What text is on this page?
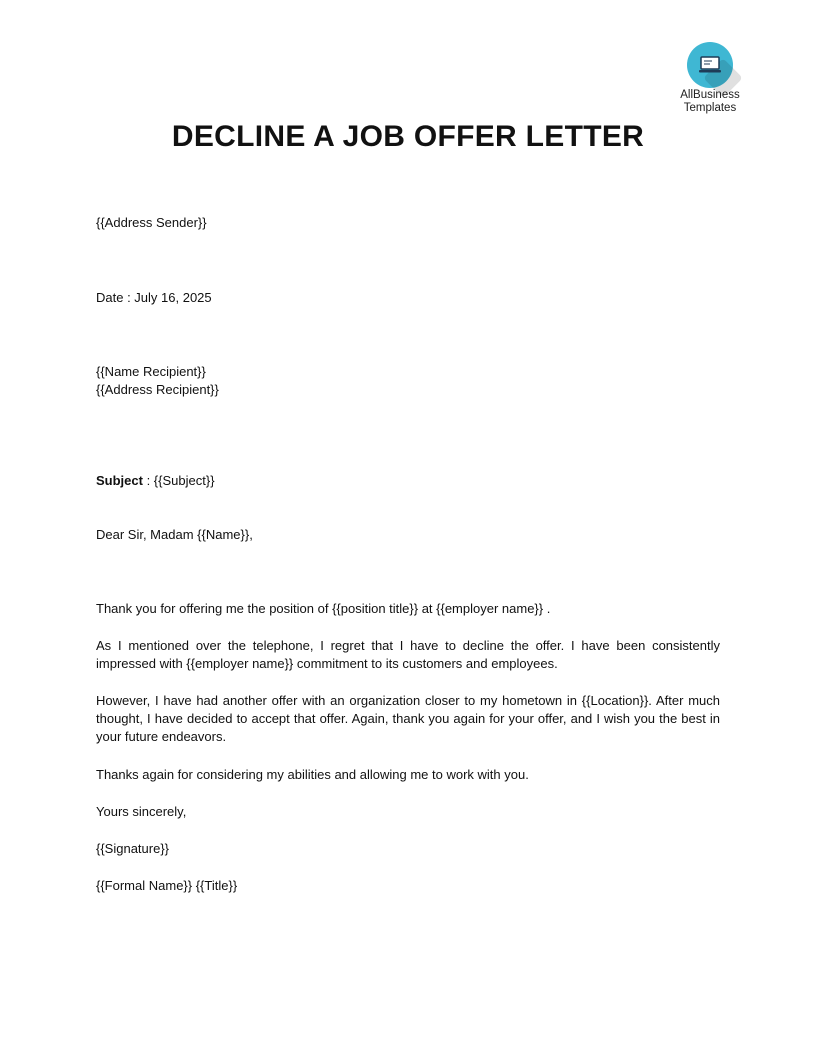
AllBusiness
Templates
DECLINE A JOB OFFER LETTER
{{Address Sender}}
Date : July 16, 2025
{{Name Recipient}}
{{Address Recipient}}
Subject : {{Subject}}
Dear Sir, Madam {{Name}},
Thank you for offering me the position of {{position title}} at {{employer name}} .
As I mentioned over the telephone, I regret that I have to decline the offer. I have been consistently impressed with {{employer name}} commitment to its customers and employees.
However, I have had another offer with an organization closer to my hometown in {{Location}}. After much thought, I have decided to accept that offer. Again, thank you again for your offer, and I wish you the best in your future endeavors.
Thanks again for considering my abilities and allowing me to work with you.
Yours sincerely,
{{Signature}}
{{Formal Name}} {{Title}}
